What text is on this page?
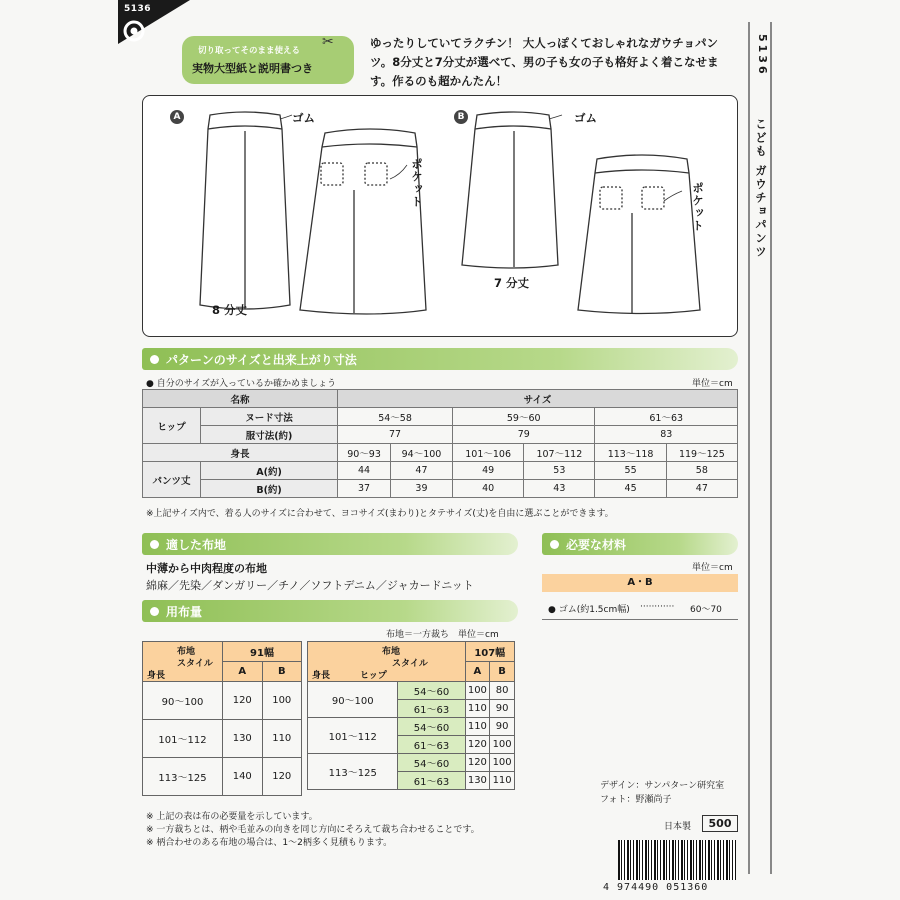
5136
切り取ってそのまま使える
実物大型紙と説明書つき
✂	ゆったりしていてラクチン！ 大人っぽくておしゃれなガウチョパンツ。8分丈と7分丈が選べて、男の子も女の子も格好よく着こなせます。作るのも超かんたん！
5136
こども ガウチョパンツ
A	B
ゴム	ゴム
ポケット	ポケット
8 分丈
7 分丈
パターンのサイズと出来上がり寸法
● 自分のサイズが入っているか確かめましょう	単位＝cm
名称		サイズ					
ヒップ	ヌード寸法	54〜58		59〜60		61〜63	
	服寸法(約)	77		79		83	
身長		90〜93	94〜100	101〜106	107〜112	113〜118	119〜125
パンツ丈	A(約)	44	47	49	53	55	58
	B(約)	37	39	40	43	45	47
※上記サイズ内で、着る人のサイズに合わせて、ヨコサイズ(まわり)とタテサイズ(丈)を自由に選ぶことができます。
適した布地
中薄から中肉程度の布地
綿麻／先染／ダンガリー／チノ／ソフトデニム／ジャカードニット
必要な材料
単位＝cm
A・B
● ゴム(約1.5cm幅) ············ 60〜70
用布量
布地＝一方裁ち　単位＝cm
布地
スタイル
身長	91幅	
	A	B
90〜100	120	100
101〜112	130	110
113〜125	140	120
布地
スタイル
ヒップ
身長		107幅	
		A	B
90〜100	54〜60	100	80
	61〜63	110	90
101〜112	54〜60	110	90
	61〜63	120	100
113〜125	54〜60	120	100
	61〜63	130	110
※ 上記の表は布の必要量を示しています。
※ 一方裁ちとは、柄や毛並みの向きを同じ方向にそろえて裁ち合わせることです。
※ 柄合わせのある布地の場合は、1〜2柄多く見積もります。
デザイン：サンパターン研究室
フォト：野瀬尚子
日本製	500
4 974490 051360
